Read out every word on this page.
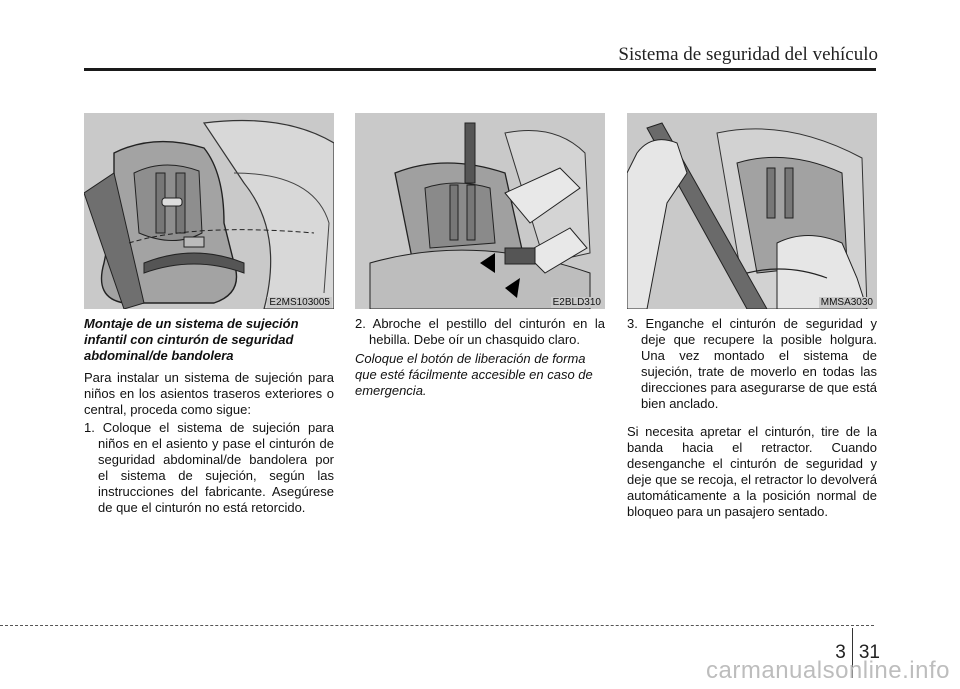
Sistema de seguridad del vehículo
E2MS103005	E2BLD310	MMSA3030

Montaje de un sistema de sujeción infantil con cinturón de seguridad abdominal/de bandolera

Para instalar un sistema de sujeción para niños en los asientos traseros exteriores o central, proceda como sigue:

1. Coloque el sistema de sujeción para niños en el asiento y pase el cinturón de seguridad abdominal/de bandolera por el sistema de sujeción, según las instrucciones del fabricante. Asegúrese de que el cinturón no está retorcido.

2. Abroche el pestillo del cinturón en la hebilla. Debe oír un chasquido claro.

Coloque el botón de liberación de forma que esté fácilmente accesible en caso de emergencia.

3. Enganche el cinturón de seguridad y deje que recupere la posible holgura. Una vez montado el sistema de sujeción, trate de moverlo en todas las direcciones para asegurarse de que está bien anclado.

Si necesita apretar el cinturón, tire de la banda hacia el retractor. Cuando desenganche el cinturón de seguridad y deje que se recoja, el retractor lo devolverá automáticamente a la posición normal de bloqueo para un pasajero sentado.

3 31
carmanualsonline.info
